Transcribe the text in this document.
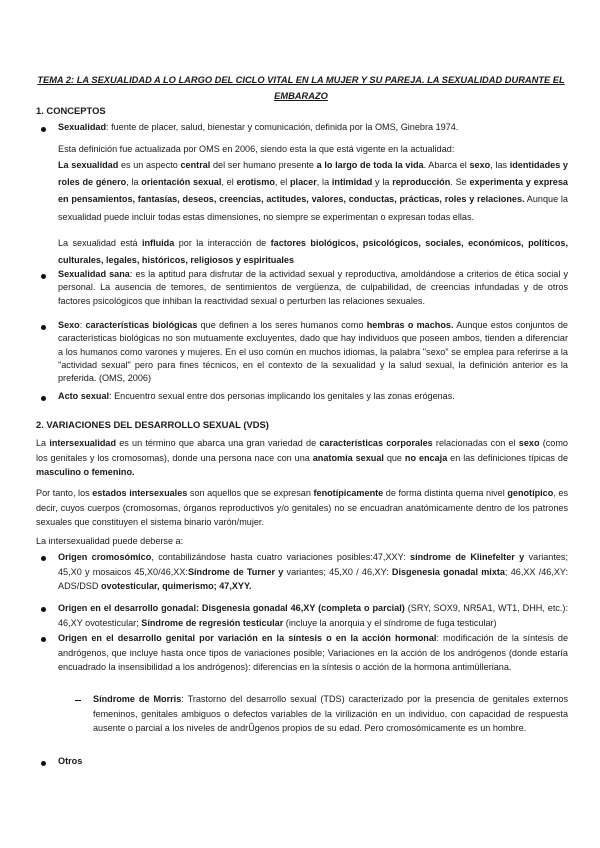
TEMA 2: LA SEXUALIDAD A LO LARGO DEL CICLO VITAL EN LA MUJER Y SU PAREJA. LA SEXUALIDAD DURANTE EL
EMBARAZO
1. CONCEPTOS
Sexualidad: fuente de placer, salud, bienestar y comunicación, definida por la OMS, Ginebra 1974.
Esta definición fue actualizada por OMS en 2006, siendo esta la que está vigente en la actualidad:
La sexualidad es un aspecto central del ser humano presente a lo largo de toda la vida. Abarca el sexo, las identidades y roles de género, la orientación sexual, el erotismo, el placer, la intimidad y la reproducción. Se experimenta y expresa en pensamientos, fantasías, deseos, creencias, actitudes, valores, conductas, prácticas, roles y relaciones. Aunque la sexualidad puede incluir todas estas dimensiones, no siempre se experimentan o expresan todas ellas.
La sexualidad está influida por la interacción de factores biológicos, psicológicos, sociales, económicos, políticos, culturales, legales, históricos, religiosos y espirituales
Sexualidad sana: es la aptitud para disfrutar de la actividad sexual y reproductiva, amoldándose a criterios de ética social y personal. La ausencia de temores, de sentimientos de vergüenza, de culpabilidad, de creencias infundadas y de otros factores psicológicos que inhiban la reactividad sexual o perturben las relaciones sexuales.
Sexo: características biológicas que definen a los seres humanos como hembras o machos. Aunque estos conjuntos de características biológicas no son mutuamente excluyentes, dado que hay individuos que poseen ambos, tienden a diferenciar a los humanos como varones y mujeres. En el uso común en muchos idiomas, la palabra "sexo" se emplea para referirse a la "actividad sexual" pero para fines técnicos, en el contexto de la sexualidad y la salud sexual, la definición anterior es la preferida. (OMS, 2006)
Acto sexual: Encuentro sexual entre dos personas implicando los genitales y las zonas erógenas.
2. VARIACIONES DEL DESARROLLO SEXUAL (VDS)
La intersexualidad es un término que abarca una gran variedad de características corporales relacionadas con el sexo (como los genitales y los cromosomas), donde una persona nace con una anatomía sexual que no encaja en las definiciones típicas de masculino o femenino.
Por tanto, los estados intersexuales son aquellos que se expresan fenotípicamente de forma distinta quema nivel genotípico, es decir, cuyos cuerpos (cromosomas, órganos reproductivos y/o genitales) no se encuadran anatómicamente dentro de los patrones sexuales que constituyen el sistema binario varón/mujer.
La intersexualidad puede deberse a:
Origen cromosómico, contabilizándose hasta cuatro variaciones posibles:47,XXY: síndrome de Klinefelter y variantes; 45,X0 y mosaicos 45,X0/46,XX:Síndrome de Turner y variantes; 45,X0 / 46,XY: Disgenesia gonadal mixta; 46,XX /46,XY: ADS/DSD ovotesticular, quimerismo; 47,XYY.
Origen en el desarrollo gonadal: Disgenesia gonadal 46,XY (completa o parcial) (SRY, SOX9, NR5A1, WT1, DHH, etc.): 46,XY ovotesticular; Síndrome de regresión testicular (incluye la anorquia y el síndrome de fuga testicular)
Origen en el desarrollo genital por variación en la síntesis o en la acción hormonal: modificación de la síntesis de andrógenos, que incluye hasta once tipos de variaciones posible; Variaciones en la acción de los andrógenos (donde estaría encuadrado la insensibilidad a los andrógenos): diferencias en la síntesis o acción de la hormona antimülleriana.
Síndrome de Morris: Trastorno del desarrollo sexual (TDS) caracterizado por la presencia de genitales externos femeninos, genitales ambiguos o defectos variables de la virilización en un individuo, con capacidad de respuesta ausente o parcial a los niveles de andrÛgenos propios de su edad. Pero cromosómicamente es un hombre.
Otros
